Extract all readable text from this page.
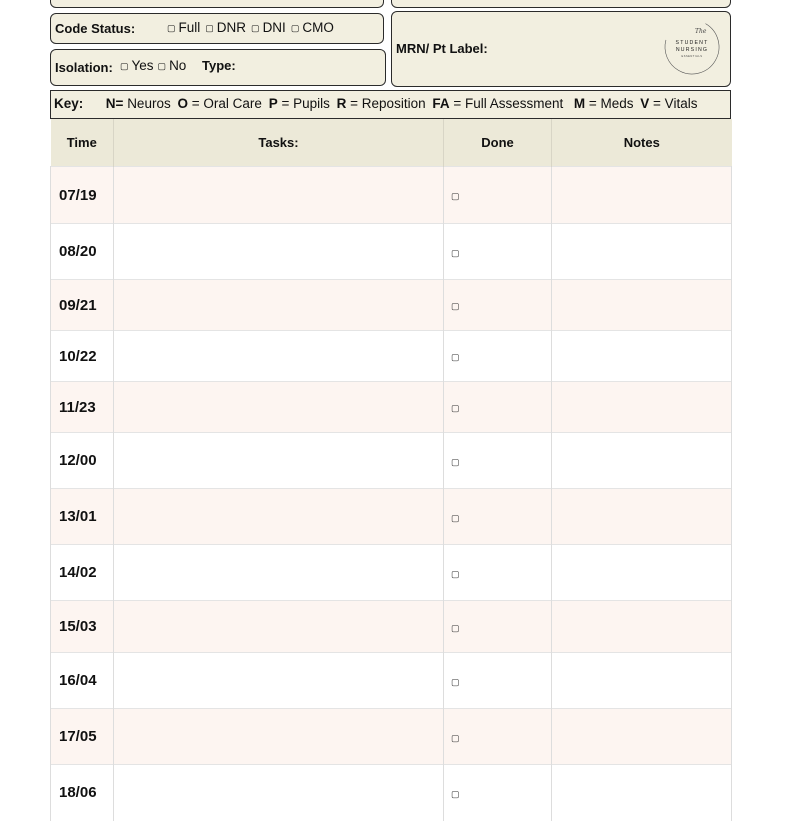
Code Status:	▢ Full ▢ DNR ▢ DNI ▢ CMO
Isolation: ▢ Yes ▢ No	Type:
MRN/ Pt Label:
The
STUDENT
NURSING
ESSENTIALS
Key: N= Neuros O = Oral Care P = Pupils R = Reposition FA = Full Assessment M = Meds V = Vitals
Time	Tasks:	Done	Notes
07/19		▢	
08/20		▢	
09/21		▢	
10/22		▢	
11/23		▢	
12/00		▢	
13/01		▢	
14/02		▢	
15/03		▢	
16/04		▢	
17/05		▢	
18/06		▢	
